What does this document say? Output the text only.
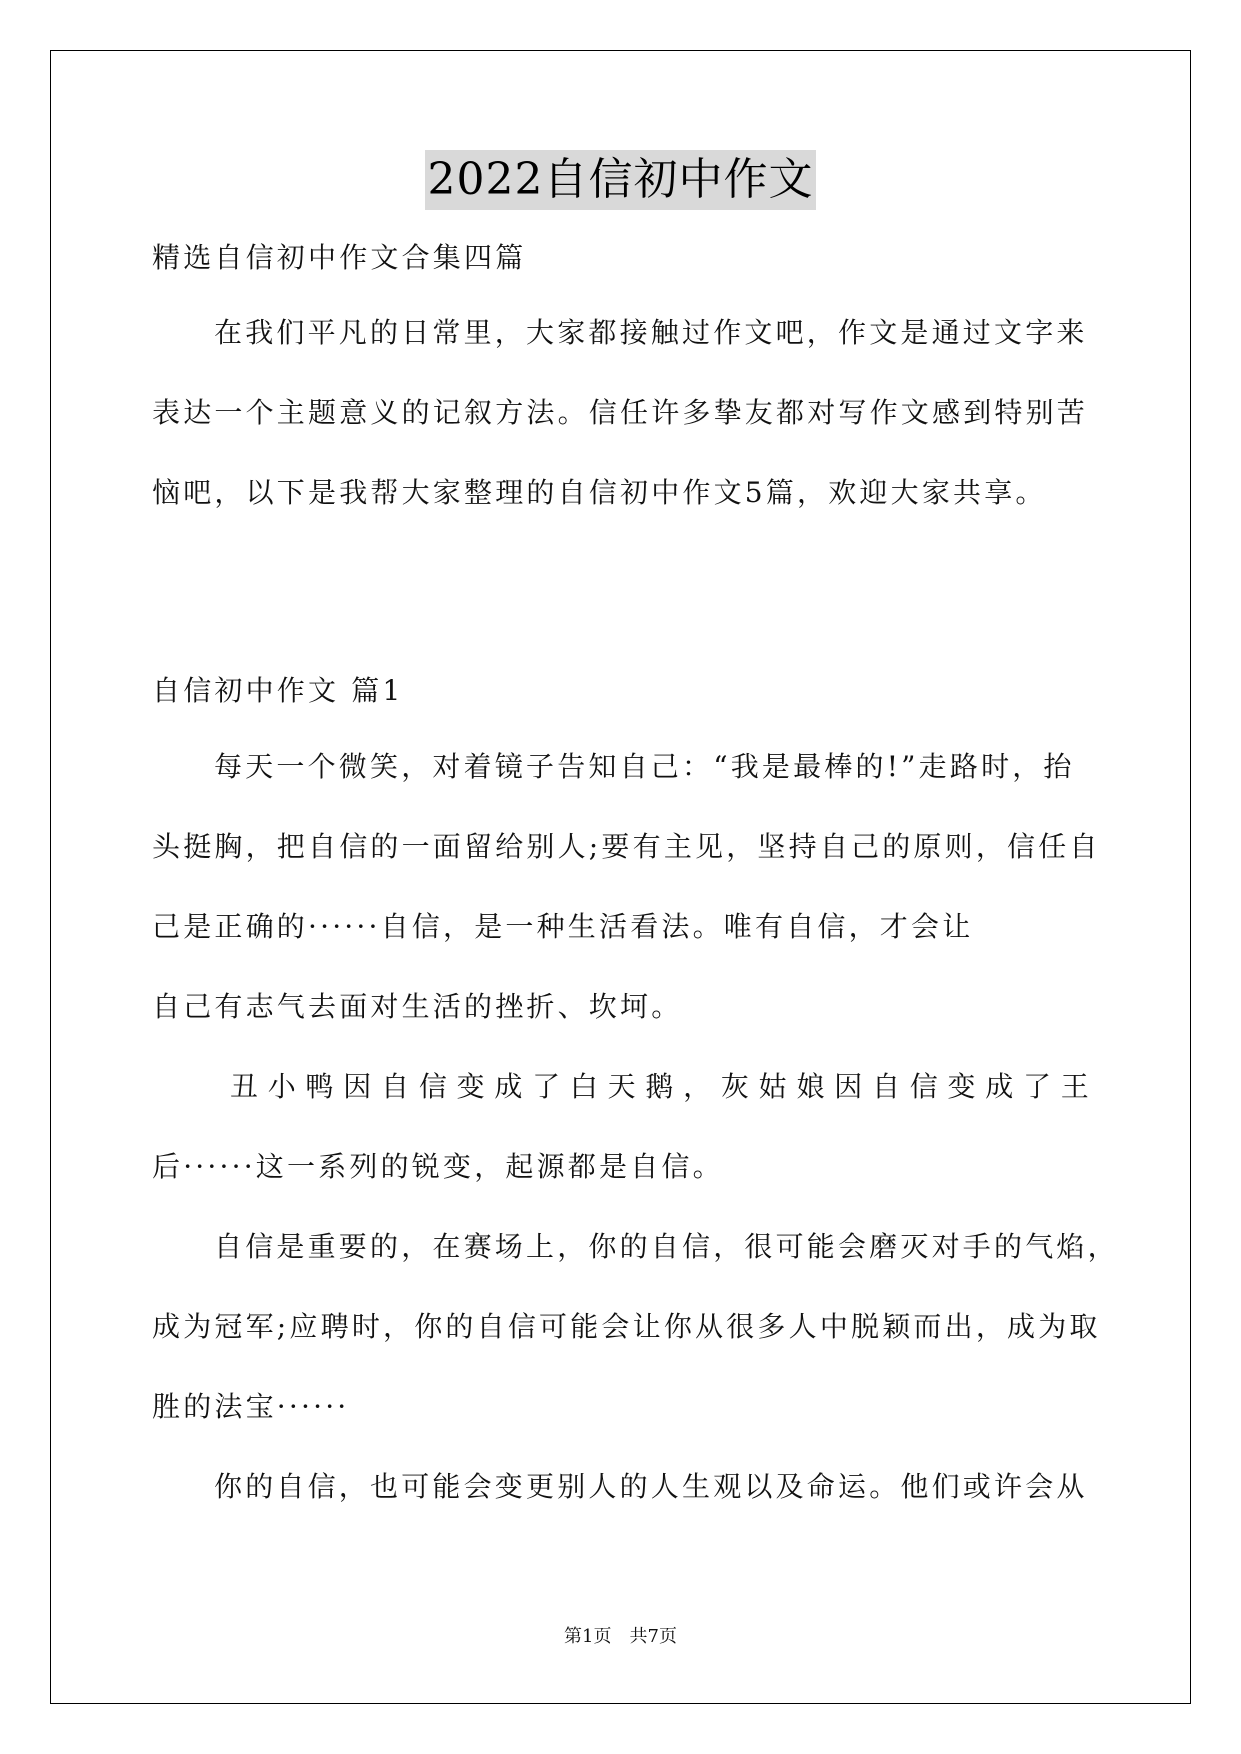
2022自信初中作文
精选自信初中作文合集四篇
在我们平凡的日常里，大家都接触过作文吧，作文是通过文字来
表达一个主题意义的记叙方法。信任许多挚友都对写作文感到特别苦
恼吧，以下是我帮大家整理的自信初中作文5篇，欢迎大家共享。
自信初中作文 篇1
每天一个微笑，对着镜子告知自己：“我是最棒的!”走路时，抬
头挺胸，把自信的一面留给别人;要有主见，坚持自己的原则，信任自
己是正确的······自信，是一种生活看法。唯有自信，才会让
自己有志气去面对生活的挫折、坎坷。
丑小鸭因自信变成了白天鹅，灰姑娘因自信变成了王
后······这一系列的锐变，起源都是自信。
自信是重要的，在赛场上，你的自信，很可能会磨灭对手的气焰，
成为冠军;应聘时，你的自信可能会让你从很多人中脱颖而出，成为取
胜的法宝······
你的自信，也可能会变更别人的人生观以及命运。他们或许会从
第1页 共7页
